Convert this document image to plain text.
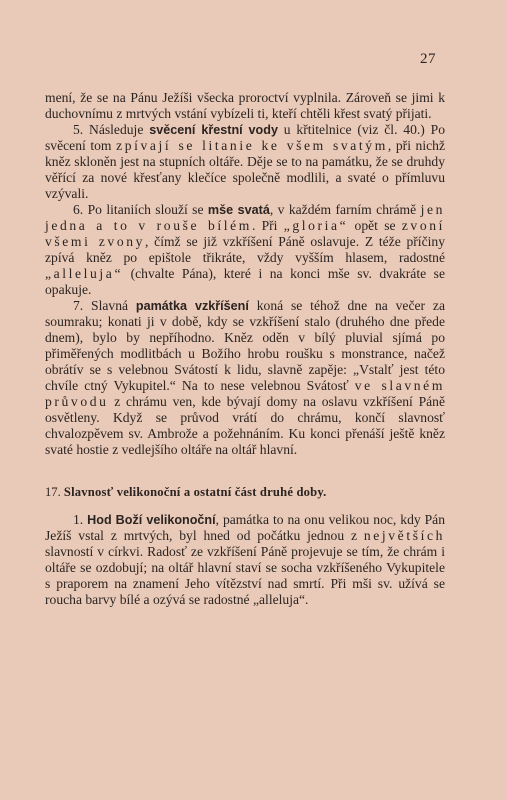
27

mení, že se na Pánu Ježíši všecka proroctví vyplnila. Zároveň se jimi k duchovnímu z mrtvých vstání vybízeli ti, kteří chtěli křest svatý přijati.

5. Následuje svěcení křestní vody u křtitelnice (viz čl. 40.) Po svěcení tom zpívají se litanie ke všem svatým, při nichž kněz skloněn jest na stupních oltáře. Děje se to na památku, že se druhdy věřící za nové křesťany klečíce společně modlili, a svaté o přímluvu vzývali.

6. Po litaniích slouží se mše svatá, v každém farním chrámě jen jedna a to v rouše bílém. Při „gloria“ opět se zvoní všemi zvony, čímž se již vzkříšení Páně oslavuje. Z téže příčiny zpívá kněz po epištole třikráte, vždy vyšším hlasem, radostné „alleluja“ (chvalte Pána), které i na konci mše sv. dvakráte se opakuje.

7. Slavná památka vzkříšení koná se téhož dne na večer za soumraku; konati ji v době, kdy se vzkříšení stalo (druhého dne přede dnem), bylo by nepříhodno. Kněz oděn v bílý pluvial sjímá po přiměřených modlitbách u Božího hrobu roušku s monstrance, načež obrátív se s velebnou Svátostí k lidu, slavně zapěje: „Vstalť jest této chvíle ctný Vykupitel.“ Na to nese velebnou Svátosť ve slavném průvodu z chrámu ven, kde bývají domy na oslavu vzkříšení Páně osvětleny. Když se průvod vrátí do chrámu, končí slavnosť chvalozpěvem sv. Ambrože a požehnáním. Ku konci přenáší ještě kněz svaté hostie z vedlejšího oltáře na oltář hlavní.

17. Slavnosť velikonoční a ostatní část druhé doby.

1. Hod Boží velikonoční, památka to na onu velikou noc, kdy Pán Ježíš vstal z mrtvých, byl hned od počátku jednou z největších slavností v církvi. Radosť ze vzkříšení Páně projevuje se tím, že chrám i oltáře se ozdobují; na oltář hlavní staví se socha vzkříšeného Vykupitele s praporem na znamení Jeho vítězství nad smrtí. Při mši sv. užívá se roucha barvy bílé a ozývá se radostné „alleluja“.
